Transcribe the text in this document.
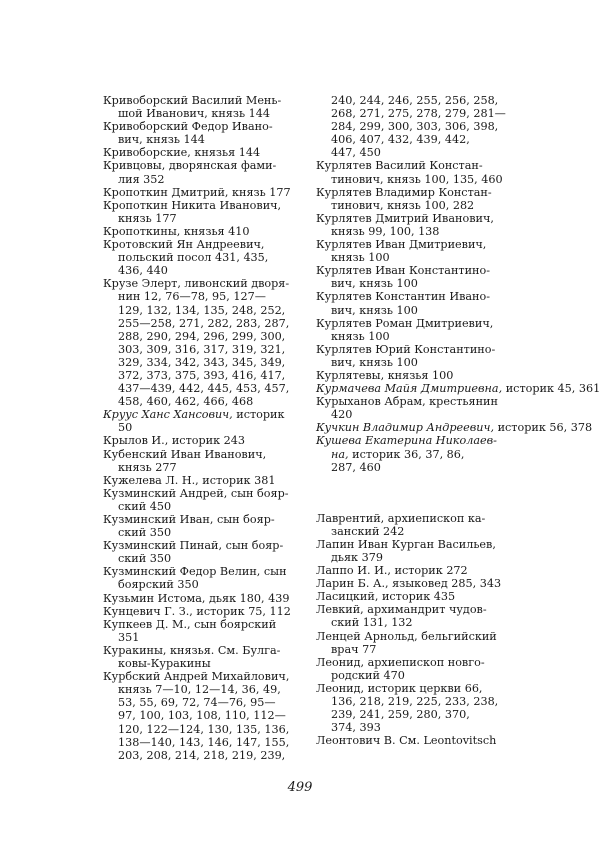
Кривоборский Василий Мень-
шой Иванович, князь 144
Кривоборский Федор Ивано-
вич, князь 144
Кривоборские, князья 144
Кривцовы, дворянская фами-
лия 352
Кропоткин Дмитрий, князь 177
Кропоткин Никита Иванович,
князь 177
Кропоткины, князья 410
Кротовский Ян Андреевич,
польский посол 431, 435,
436, 440
Крузе Элерт, ливонский дворя-
нин 12, 76—78, 95, 127—
129, 132, 134, 135, 248, 252,
255—258, 271, 282, 283, 287,
288, 290, 294, 296, 299, 300,
303, 309, 316, 317, 319, 321,
329, 334, 342, 343, 345, 349,
372, 373, 375, 393, 416, 417,
437—439, 442, 445, 453, 457,
458, 460, 462, 466, 468
Круус Ханс Хансович, историк
50
Крылов И., историк 243
Кубенский Иван Иванович,
князь 277
Кужелева Л. Н., историк 381
Кузминский Андрей, сын бояр-
ский 450
Кузминский Иван, сын бояр-
ский 350
Кузминский Пинай, сын бояр-
ский 350
Кузминский Федор Велин, сын
боярский 350
Кузьмин Истома, дьяк 180, 439
Кунцевич Г. З., историк 75, 112
Купкеев Д. М., сын боярский
351
Куракины, князья. См. Булга-
ковы-Куракины
Курбский Андрей Михайлович,
князь 7—10, 12—14, 36, 49,
53, 55, 69, 72, 74—76, 95—
97, 100, 103, 108, 110, 112—
120, 122—124, 130, 135, 136,
138—140, 143, 146, 147, 155,
203, 208, 214, 218, 219, 239,
240, 244, 246, 255, 256, 258,
268, 271, 275, 278, 279, 281—
284, 299, 300, 303, 306, 398,
406, 407, 432, 439, 442,
447, 450
Курлятев Василий Констан-
тинович, князь 100, 135, 460
Курлятев Владимир Констан-
тинович, князь 100, 282
Курлятев Дмитрий Иванович,
князь 99, 100, 138
Курлятев Иван Дмитриевич,
князь 100
Курлятев Иван Константино-
вич, князь 100
Курлятев Константин Ивано-
вич, князь 100
Курлятев Роман Дмитриевич,
князь 100
Курлятев Юрий Константино-
вич, князь 100
Курлятевы, князья 100
Курмачева Майя Дмитриевна, историк 45, 361
Курыханов Абрам, крестьянин
420
Кучкин Владимир Андреевич, историк 56, 378
Кушева Екатерина Николаев-
на, историк 36, 37, 86,
287, 460
Лаврентий, архиепископ ка-
занский 242
Лапин Иван Курган Васильев,
дьяк 379
Лаппо И. И., историк 272
Ларин Б. А., языковед 285, 343
Ласицкий, историк 435
Левкий, архимандрит чудов-
ский 131, 132
Ленцей Арнольд, бельгийский
врач 77
Леонид, архиепископ новго-
родский 470
Леонид, историк церкви 66,
136, 218, 219, 225, 233, 238,
239, 241, 259, 280, 370,
374, 393
Леонтович В. См. Leontovitsch
499
